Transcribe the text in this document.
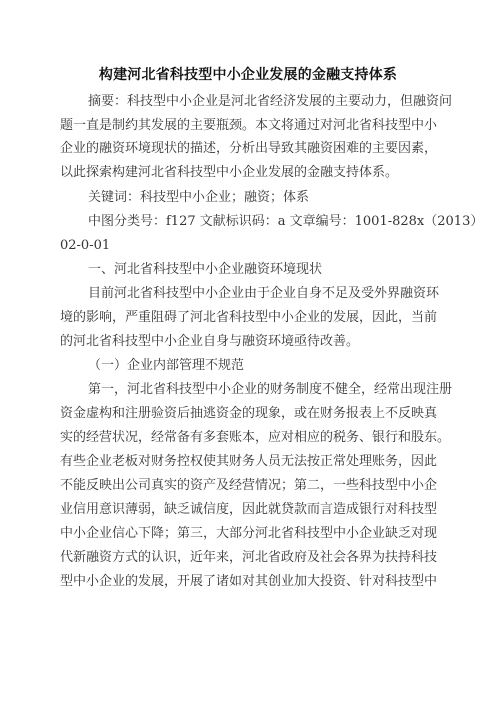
构建河北省科技型中小企业发展的金融支持体系
摘要：科技型中小企业是河北省经济发展的主要动力，但融资问
题一直是制约其发展的主要瓶颈。本文将通过对河北省科技型中小
企业的融资环境现状的描述，分析出导致其融资困难的主要因素，
以此探索构建河北省科技型中小企业发展的金融支持体系。
关键词：科技型中小企业；融资；体系
中图分类号：f127 文献标识码：a 文章编号：1001-828x（2013）
02-0-01
一、河北省科技型中小企业融资环境现状
目前河北省科技型中小企业由于企业自身不足及受外界融资环
境的影响，严重阻碍了河北省科技型中小企业的发展，因此，当前
的河北省科技型中小企业自身与融资环境亟待改善。
（一）企业内部管理不规范
第一，河北省科技型中小企业的财务制度不健全，经常出现注册
资金虚构和注册验资后抽逃资金的现象，或在财务报表上不反映真
实的经营状况，经常备有多套账本，应对相应的税务、银行和股东。
有些企业老板对财务控权使其财务人员无法按正常处理账务，因此
不能反映出公司真实的资产及经营情况；第二，一些科技型中小企
业信用意识薄弱，缺乏诚信度，因此就贷款而言造成银行对科技型
中小企业信心下降；第三，大部分河北省科技型中小企业缺乏对现
代新融资方式的认识，近年来，河北省政府及社会各界为扶持科技
型中小企业的发展，开展了诸如对其创业加大投资、针对科技型中
